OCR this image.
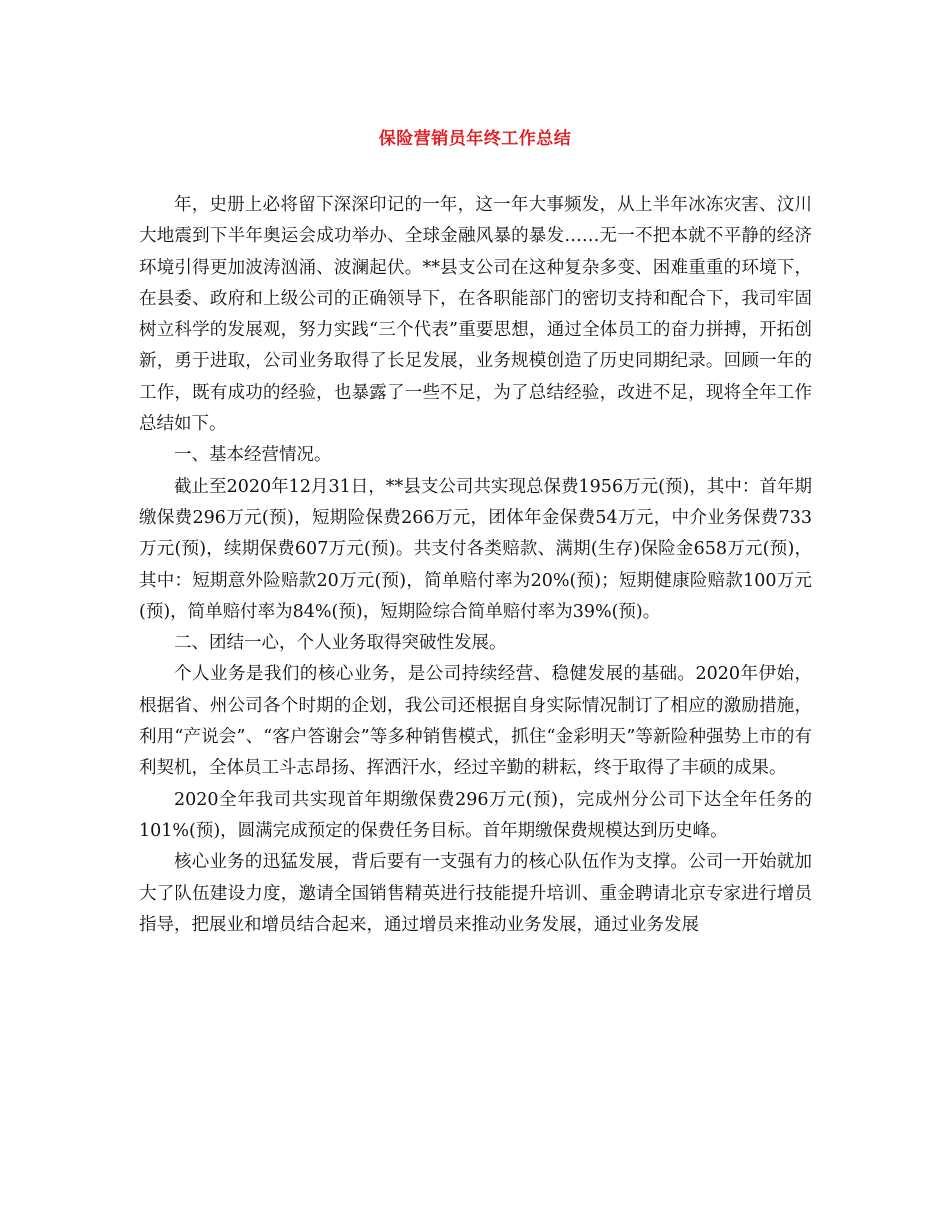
保险营销员年终工作总结

年，史册上必将留下深深印记的一年，这一年大事频发，从上半年冰冻灾害、汶川大地震到下半年奥运会成功举办、全球金融风暴的暴发……无一不把本就不平静的经济环境引得更加波涛汹涌、波澜起伏。**县支公司在这种复杂多变、困难重重的环境下，在县委、政府和上级公司的正确领导下，在各职能部门的密切支持和配合下，我司牢固树立科学的发展观，努力实践“三个代表”重要思想，通过全体员工的奋力拼搏，开拓创新，勇于进取，公司业务取得了长足发展，业务规模创造了历史同期纪录。回顾一年的工作，既有成功的经验，也暴露了一些不足，为了总结经验，改进不足，现将全年工作总结如下。

一、基本经营情况。

截止至2020年12月31日，**县支公司共实现总保费1956万元(预)，其中：首年期缴保费296万元(预)，短期险保费266万元，团体年金保费54万元，中介业务保费733万元(预)，续期保费607万元(预)。共支付各类赔款、满期(生存)保险金658万元(预)，其中：短期意外险赔款20万元(预)，简单赔付率为20%(预)；短期健康险赔款100万元(预)，简单赔付率为84%(预)，短期险综合简单赔付率为39%(预)。

二、团结一心，个人业务取得突破性发展。

个人业务是我们的核心业务，是公司持续经营、稳健发展的基础。2020年伊始，根据省、州公司各个时期的企划，我公司还根据自身实际情况制订了相应的激励措施，利用“产说会”、“客户答谢会”等多种销售模式，抓住“金彩明天”等新险种强势上市的有利契机，全体员工斗志昂扬、挥洒汗水，经过辛勤的耕耘，终于取得了丰硕的成果。

2020全年我司共实现首年期缴保费296万元(预)，完成州分公司下达全年任务的101%(预)，圆满完成预定的保费任务目标。首年期缴保费规模达到历史峰。

核心业务的迅猛发展，背后要有一支强有力的核心队伍作为支撑。公司一开始就加大了队伍建设力度，邀请全国销售精英进行技能提升培训、重金聘请北京专家进行增员指导，把展业和增员结合起来，通过增员来推动业务发展，通过业务发展
